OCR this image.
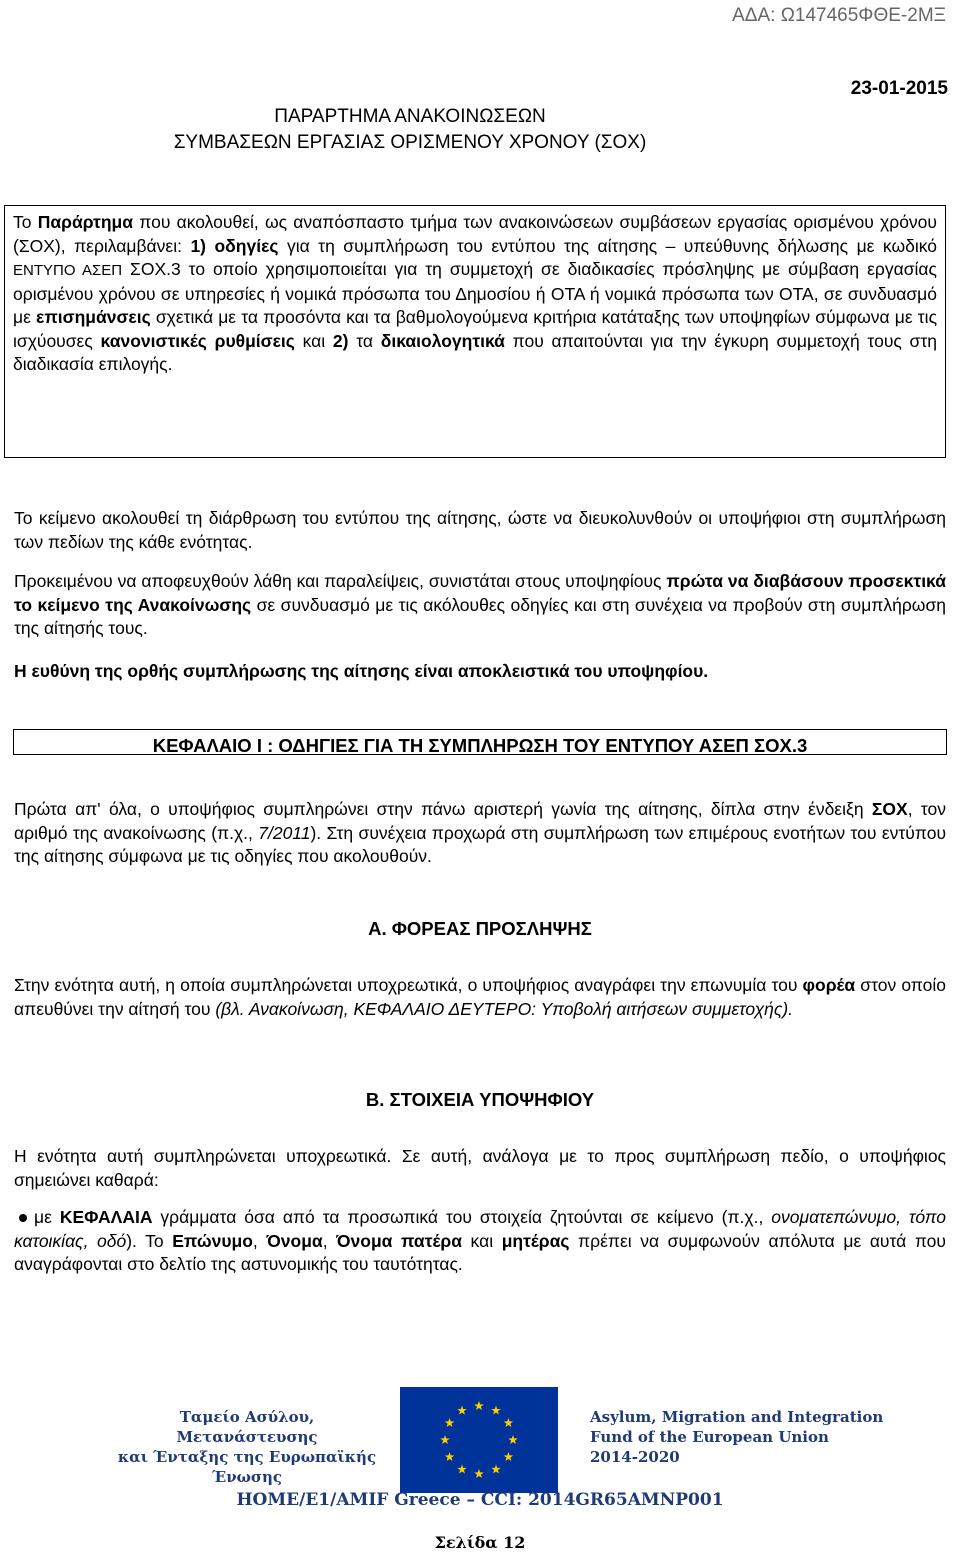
ΑΔΑ: Ω147465ΦΘΕ-2ΜΞ
23-01-2015
ΠΑΡΑΡΤΗΜΑ ΑΝΑΚΟΙΝΩΣΕΩΝ
ΣΥΜΒΑΣΕΩΝ ΕΡΓΑΣΙΑΣ ΟΡΙΣΜΕΝΟΥ ΧΡΟΝΟΥ (ΣΟΧ)
Το Παράρτημα που ακολουθεί, ως αναπόσπαστο τμήμα των ανακοινώσεων συμβάσεων εργασίας ορισμένου χρόνου (ΣΟΧ), περιλαμβάνει: 1) οδηγίες για τη συμπλήρωση του εντύπου της αίτησης – υπεύθυνης δήλωσης με κωδικό ΕΝΤΥΠΟ ΑΣΕΠ ΣΟΧ.3 το οποίο χρησιμοποιείται για τη συμμετοχή σε διαδικασίες πρόσληψης με σύμβαση εργασίας ορισμένου χρόνου σε υπηρεσίες ή νομικά πρόσωπα του Δημοσίου ή ΟΤΑ ή νομικά πρόσωπα των ΟΤΑ, σε συνδυασμό με επισημάνσεις σχετικά με τα προσόντα και τα βαθμολογούμενα κριτήρια κατάταξης των υποψηφίων σύμφωνα με τις ισχύουσες κανονιστικές ρυθμίσεις και 2) τα δικαιολογητικά που απαιτούνται για την έγκυρη συμμετοχή τους στη διαδικασία επιλογής.
Το κείμενο ακολουθεί τη διάρθρωση του εντύπου της αίτησης, ώστε να διευκολυνθούν οι υποψήφιοι στη συμπλήρωση των πεδίων της κάθε ενότητας.
Προκειμένου να αποφευχθούν λάθη και παραλείψεις, συνιστάται στους υποψηφίους πρώτα να διαβάσουν προσεκτικά το κείμενο της Ανακοίνωσης σε συνδυασμό με τις ακόλουθες οδηγίες και στη συνέχεια να προβούν στη συμπλήρωση της αίτησής τους.
Η ευθύνη της ορθής συμπλήρωσης της αίτησης είναι αποκλειστικά του υποψηφίου.
ΚΕΦΑΛΑΙΟ Ι : ΟΔΗΓΙΕΣ ΓΙΑ ΤΗ ΣΥΜΠΛΗΡΩΣΗ ΤΟΥ ΕΝΤΥΠΟΥ ΑΣΕΠ ΣΟΧ.3
Πρώτα απ' όλα, ο υποψήφιος συμπληρώνει στην πάνω αριστερή γωνία της αίτησης, δίπλα στην ένδειξη ΣΟΧ, τον αριθμό της ανακοίνωσης (π.χ., 7/2011). Στη συνέχεια προχωρά στη συμπλήρωση των επιμέρους ενοτήτων του εντύπου της αίτησης σύμφωνα με τις οδηγίες που ακολουθούν.
Α. ΦΟΡΕΑΣ ΠΡΟΣΛΗΨΗΣ
Στην ενότητα αυτή, η οποία συμπληρώνεται υποχρεωτικά, ο υποψήφιος αναγράφει την επωνυμία του φορέα στον οποίο απευθύνει την αίτησή του (βλ. Ανακοίνωση, ΚΕΦΑΛΑΙΟ ΔΕΥΤΕΡΟ: Υποβολή αιτήσεων συμμετοχής).
Β. ΣΤΟΙΧΕΙΑ ΥΠΟΨΗΦΙΟΥ
Η ενότητα αυτή συμπληρώνεται υποχρεωτικά. Σε αυτή, ανάλογα με το προς συμπλήρωση πεδίο, ο υποψήφιος σημειώνει καθαρά:
με ΚΕΦΑΛΑΙΑ γράμματα όσα από τα προσωπικά του στοιχεία ζητούνται σε κείμενο (π.χ., ονοματεπώνυμο, τόπο κατοικίας, οδό). Το Επώνυμο, Όνομα, Όνομα πατέρα και μητέρας πρέπει να συμφωνούν απόλυτα με αυτά που αναγράφονται στο δελτίο της αστυνομικής του ταυτότητας.
Ταμείο Ασύλου, Μετανάστευσης
και Ένταξης της Ευρωπαϊκής
Ένωσης
Asylum, Migration and Integration
Fund of the European Union
2014-2020
HOME/E1/AMIF Greece – CCI: 2014GR65AMNP001
Σελίδα 12
